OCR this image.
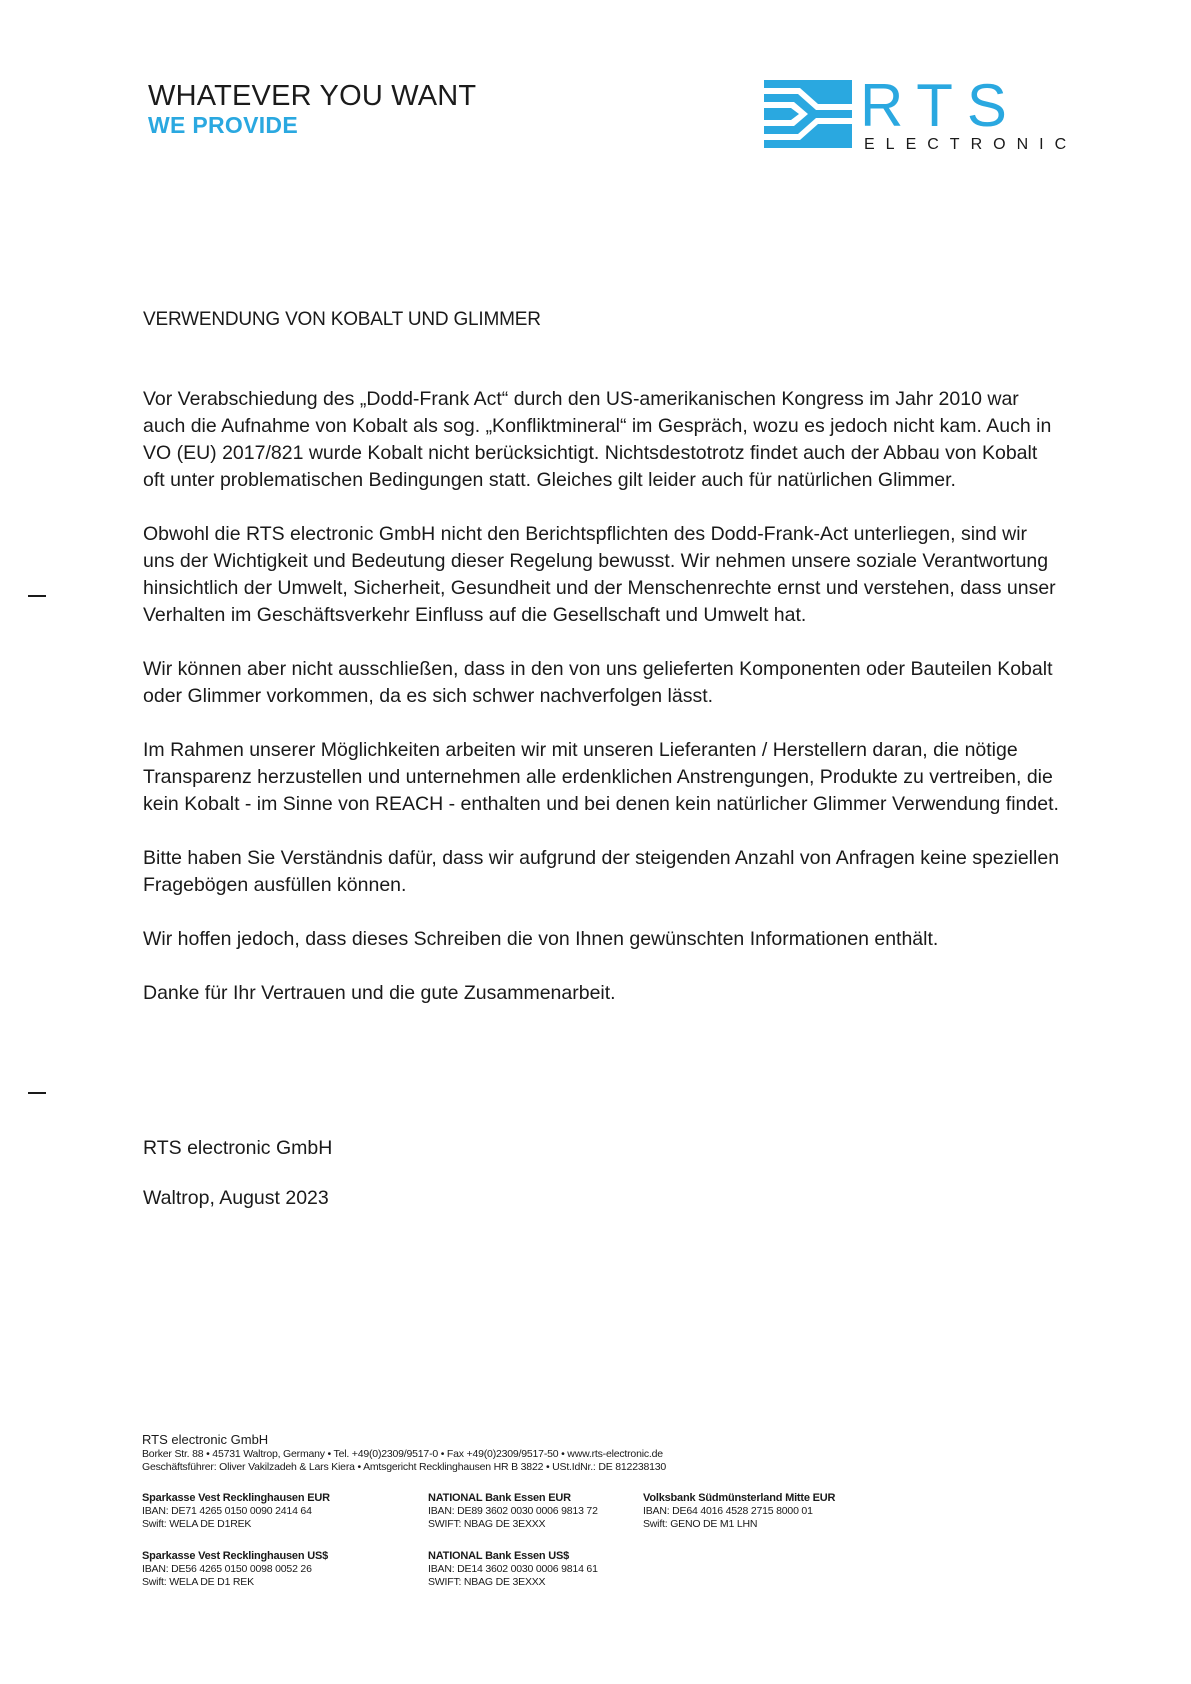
WHATEVER YOU WANT
WE PROVIDE	RTS
ELECTRONIC
VERWENDUNG VON KOBALT UND GLIMMER

Vor Verabschiedung des „Dodd-Frank Act“ durch den US-amerikanischen Kongress im Jahr 2010 war auch die Aufnahme von Kobalt als sog. „Konfliktmineral“ im Gespräch, wozu es jedoch nicht kam. Auch in VO (EU) 2017/821 wurde Kobalt nicht berücksichtigt. Nichtsdestotrotz findet auch der Abbau von Kobalt oft unter problematischen Bedingungen statt. Gleiches gilt leider auch für natürlichen Glimmer.

Obwohl die RTS electronic GmbH nicht den Berichtspflichten des Dodd-Frank-Act unterliegen, sind wir uns der Wichtigkeit und Bedeutung dieser Regelung bewusst. Wir nehmen unsere soziale Verantwortung hinsichtlich der Umwelt, Sicherheit, Gesundheit und der Menschenrechte ernst und verstehen, dass unser Verhalten im Geschäftsverkehr Einfluss auf die Gesellschaft und Umwelt hat.

Wir können aber nicht ausschließen, dass in den von uns gelieferten Komponenten oder Bauteilen Kobalt oder Glimmer vorkommen, da es sich schwer nachverfolgen lässt.

Im Rahmen unserer Möglichkeiten arbeiten wir mit unseren Lieferanten / Herstellern daran, die nötige Transparenz herzustellen und unternehmen alle erdenklichen Anstrengungen, Produkte zu vertreiben, die kein Kobalt - im Sinne von REACH - enthalten und bei denen kein natürlicher Glimmer Verwendung findet.

Bitte haben Sie Verständnis dafür, dass wir aufgrund der steigenden Anzahl von Anfragen keine speziellen Fragebögen ausfüllen können.

Wir hoffen jedoch, dass dieses Schreiben die von Ihnen gewünschten Informationen enthält.

Danke für Ihr Vertrauen und die gute Zusammenarbeit.

RTS electronic GmbH
Waltrop, August 2023
RTS electronic GmbH
Borker Str. 88 • 45731 Waltrop, Germany • Tel. +49(0)2309/9517-0 • Fax +49(0)2309/9517-50 • www.rts-electronic.de
Geschäftsführer: Oliver Vakilzadeh & Lars Kiera • Amtsgericht Recklinghausen HR B 3822 • USt.IdNr.: DE 812238130
Sparkasse Vest Recklinghausen EUR
IBAN: DE71 4265 0150 0090 2414 64
Swift: WELA DE D1REK
NATIONAL Bank Essen EUR
IBAN: DE89 3602 0030 0006 9813 72
SWIFT: NBAG DE 3EXXX
Volksbank Südmünsterland Mitte EUR
IBAN: DE64 4016 4528 2715 8000 01
Swift: GENO DE M1 LHN
Sparkasse Vest Recklinghausen US$
IBAN: DE56 4265 0150 0098 0052 26
Swift: WELA DE D1 REK
NATIONAL Bank Essen US$
IBAN: DE14 3602 0030 0006 9814 61
SWIFT: NBAG DE 3EXXX
